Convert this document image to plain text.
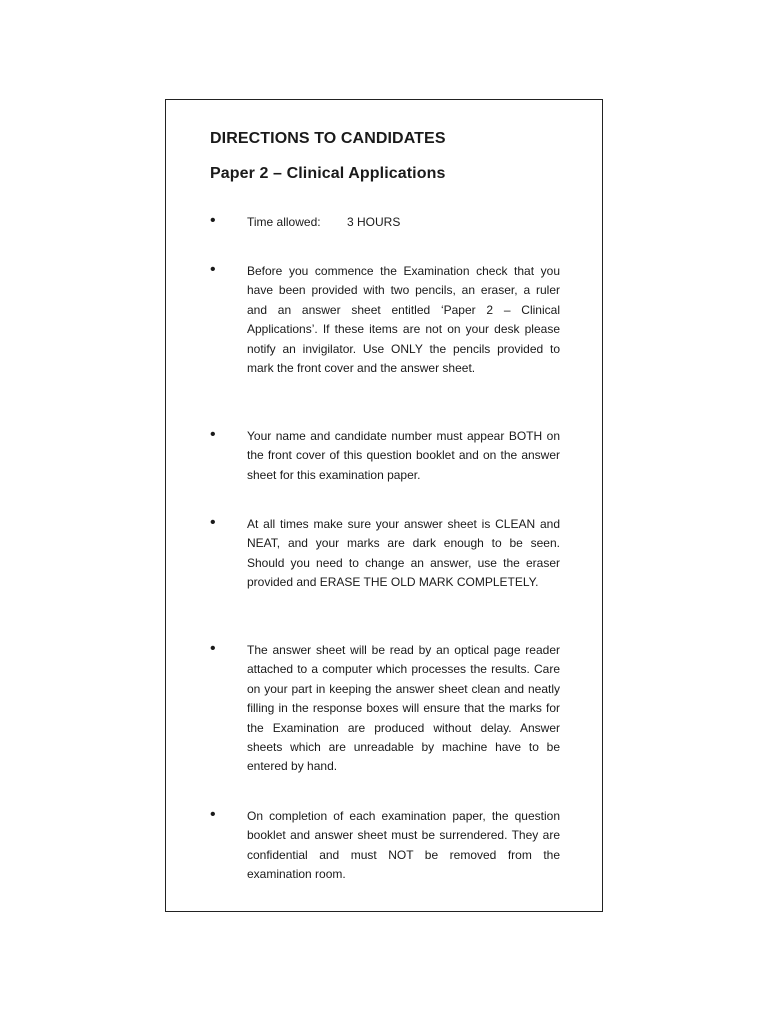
DIRECTIONS TO CANDIDATES
Paper 2 – Clinical Applications
•	Time allowed: 3 HOURS

•	Before you commence the Examination check that you have been provided with two pencils, an eraser, a ruler and an answer sheet entitled ‘Paper 2 – Clinical Applications’. If these items are not on your desk please notify an invigilator. Use ONLY the pencils provided to mark the front cover and the answer sheet.

•	Your name and candidate number must appear BOTH on the front cover of this question booklet and on the answer sheet for this examination paper.

•	At all times make sure your answer sheet is CLEAN and NEAT, and your marks are dark enough to be seen. Should you need to change an answer, use the eraser provided and ERASE THE OLD MARK COMPLETELY.

•	The answer sheet will be read by an optical page reader attached to a computer which processes the results. Care on your part in keeping the answer sheet clean and neatly filling in the response boxes will ensure that the marks for the Examination are produced without delay. Answer sheets which are unreadable by machine have to be entered by hand.

•	On completion of each examination paper, the question booklet and answer sheet must be surrendered. They are confidential and must NOT be removed from the examination room.
